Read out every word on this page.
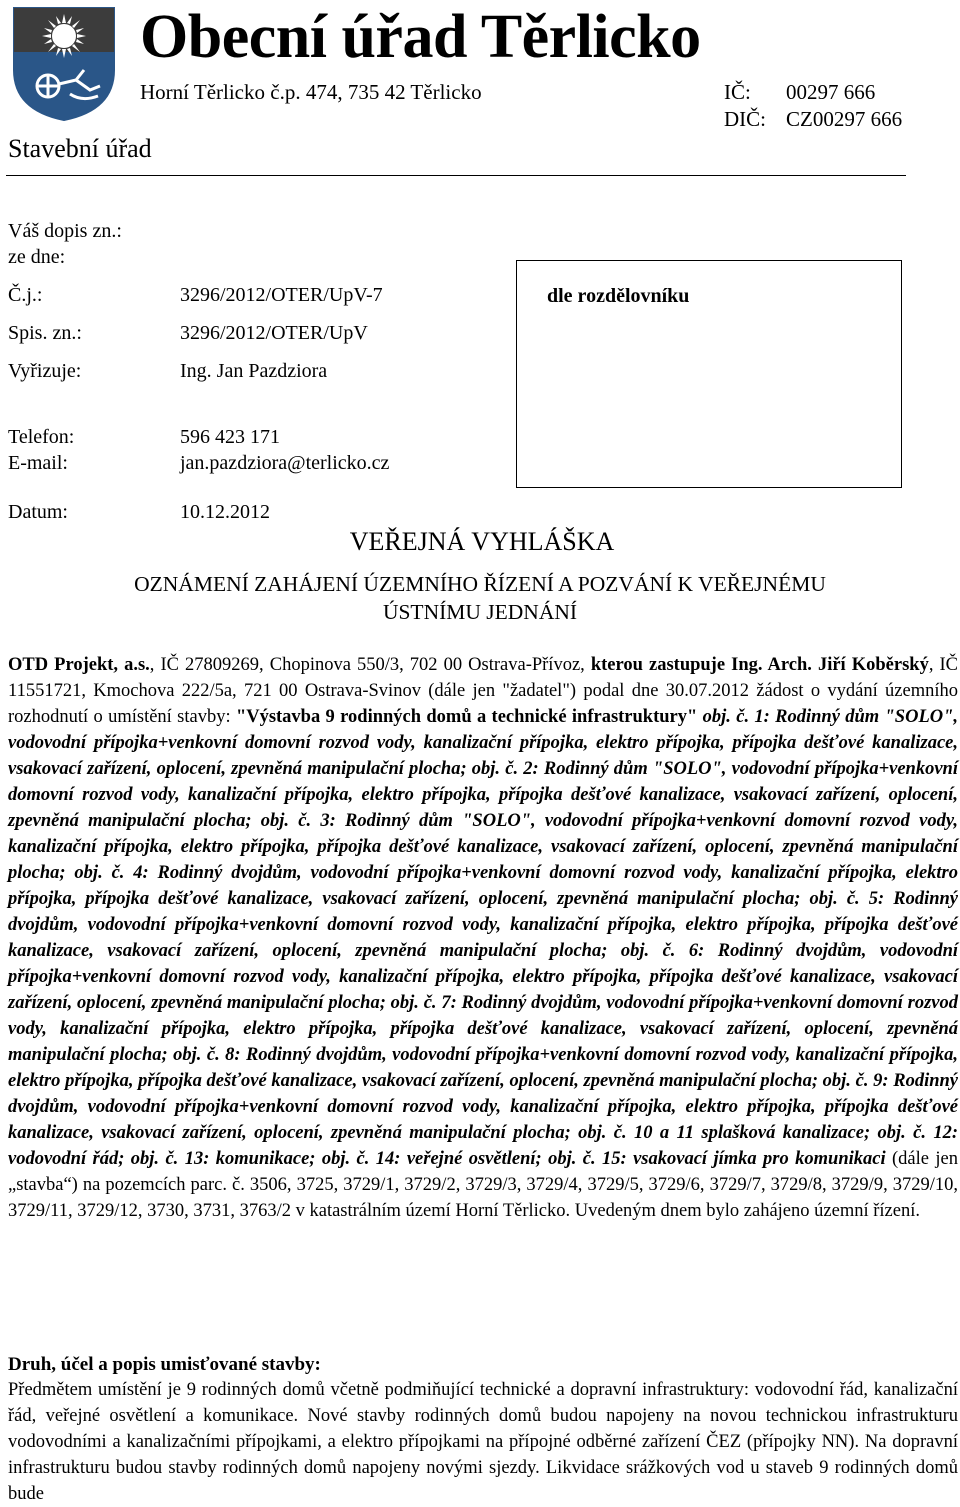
Obecní úřad Těrlicko
Horní Těrlicko č.p. 474, 735 42 Těrlicko	IČ: 00297 666
DIČ: CZ00297 666
Stavební úřad
Váš dopis zn.:
ze dne:
Č.j.:	3296/2012/OTER/UpV-7
Spis. zn.:	3296/2012/OTER/UpV
Vyřizuje:	Ing. Jan Pazdziora
Telefon:	596 423 171
E-mail:	jan.pazdziora@terlicko.cz
Datum:	10.12.2012
dle rozdělovníku
VEŘEJNÁ VYHLÁŠKA
OZNÁMENÍ ZAHÁJENÍ ÚZEMNÍHO ŘÍZENÍ A POZVÁNÍ K VEŘEJNÉMU
ÚSTNÍMU JEDNÁNÍ

OTD Projekt, a.s., IČ 27809269, Chopinova 550/3, 702 00 Ostrava-Přívoz, kterou zastupuje Ing. Arch. Jiří Koběrský, IČ 11551721, Kmochova 222/5a, 721 00 Ostrava-Svinov (dále jen "žadatel") podal dne 30.07.2012 žádost o vydání územního rozhodnutí o umístění stavby: "Výstavba 9 rodinných domů a technické infrastruktury" obj. č. 1: Rodinný dům "SOLO", vodovodní přípojka+venkovní domovní rozvod vody, kanalizační přípojka, elektro přípojka, přípojka dešťové kanalizace, vsakovací zařízení, oplocení, zpevněná manipulační plocha; obj. č. 2: Rodinný dům "SOLO", vodovodní přípojka+venkovní domovní rozvod vody, kanalizační přípojka, elektro přípojka, přípojka dešťové kanalizace, vsakovací zařízení, oplocení, zpevněná manipulační plocha; obj. č. 3: Rodinný dům "SOLO", vodovodní přípojka+venkovní domovní rozvod vody, kanalizační přípojka, elektro přípojka, přípojka dešťové kanalizace, vsakovací zařízení, oplocení, zpevněná manipulační plocha; obj. č. 4: Rodinný dvojdům, vodovodní přípojka+venkovní domovní rozvod vody, kanalizační přípojka, elektro přípojka, přípojka dešťové kanalizace, vsakovací zařízení, oplocení, zpevněná manipulační plocha; obj. č. 5: Rodinný dvojdům, vodovodní přípojka+venkovní domovní rozvod vody, kanalizační přípojka, elektro přípojka, přípojka dešťové kanalizace, vsakovací zařízení, oplocení, zpevněná manipulační plocha; obj. č. 6: Rodinný dvojdům, vodovodní přípojka+venkovní domovní rozvod vody, kanalizační přípojka, elektro přípojka, přípojka dešťové kanalizace, vsakovací zařízení, oplocení, zpevněná manipulační plocha; obj. č. 7: Rodinný dvojdům, vodovodní přípojka+venkovní domovní rozvod vody, kanalizační přípojka, elektro přípojka, přípojka dešťové kanalizace, vsakovací zařízení, oplocení, zpevněná manipulační plocha; obj. č. 8: Rodinný dvojdům, vodovodní přípojka+venkovní domovní rozvod vody, kanalizační přípojka, elektro přípojka, přípojka dešťové kanalizace, vsakovací zařízení, oplocení, zpevněná manipulační plocha; obj. č. 9: Rodinný dvojdům, vodovodní přípojka+venkovní domovní rozvod vody, kanalizační přípojka, elektro přípojka, přípojka dešťové kanalizace, vsakovací zařízení, oplocení, zpevněná manipulační plocha; obj. č. 10 a 11 splašková kanalizace; obj. č. 12: vodovodní řád; obj. č. 13: komunikace; obj. č. 14: veřejné osvětlení; obj. č. 15: vsakovací jímka pro komunikaci (dále jen „stavba“) na pozemcích parc. č. 3506, 3725, 3729/1, 3729/2, 3729/3, 3729/4, 3729/5, 3729/6, 3729/7, 3729/8, 3729/9, 3729/10, 3729/11, 3729/12, 3730, 3731, 3763/2 v katastrálním území Horní Těrlicko. Uvedeným dnem bylo zahájeno územní řízení.

Druh, účel a popis umisťované stavby:

Předmětem umístění je 9 rodinných domů včetně podmiňující technické a dopravní infrastruktury: vodovodní řád, kanalizační řád, veřejné osvětlení a komunikace. Nové stavby rodinných domů budou napojeny na novou technickou infrastrukturu vodovodními a kanalizačními přípojkami, a elektro přípojkami na přípojné odběrné zařízení ČEZ (přípojky NN). Na dopravní infrastrukturu budou stavby rodinných domů napojeny novými sjezdy. Likvidace srážkových vod u staveb 9 rodinných domů bude
